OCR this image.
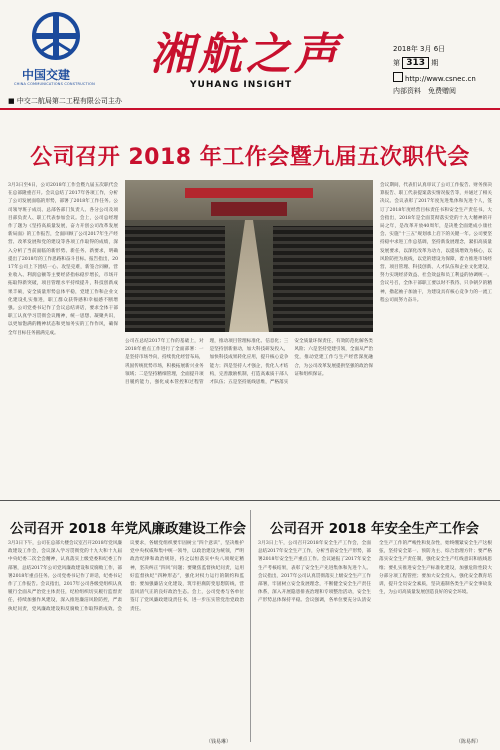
中国交建
CHINA COMMUNICATIONS CONSTRUCTION
湘航之声
YUHANG INSIGHT
■ 中交二航局第二工程有限公司主办
2018年 3月 6日
第 313 期
http://www.csnec.cn
内部资料　免费赠阅
公司召开 2018 年工作会暨九届五次职代会
3月3日至4日，公司2018年工作会暨九届五次职代会在总部隆重召开。会议总结了2017年各项工作，分析了公司发展面临的形势，部署了2018年工作任务。公司领导班子成员、总部各部门负责人、各分公司及项目部负责人、职工代表参加会议。会上，公司总经理作了题为《坚持高质量发展，奋力开创公司改革发展新局面》的工作报告，全面回顾了公司2017年生产经营、改革发展和党的建设等各项工作取得的成绩，深入分析了当前面临的新形势、新任务、新要求，明确提出了2018年的工作思路和奋斗目标。报告指出，2017年公司上下团结一心、攻坚克难，新签合同额、营业收入、利润总额等主要经济指标稳步增长，市场开拓取得新突破，项目管理水平持续提升，科技创新成果丰硕，安全质量形势总体平稳，党建工作和企业文化建设扎实推进，职工群众获得感和幸福感不断增强。公司党委书记作了会议总结讲话，要求全体干部职工认真学习贯彻会议精神，统一思想、凝聚共识，以更加饱满的精神状态和更加务实的工作作风，确保全年目标任务圆满完成。
会议期间，代表们认真审议了公司工作报告、财务预决算报告、职工代表提案落实情况报告等，并通过了相关决议。会议表彰了2017年度先进集体和先进个人，签订了2018年度经营目标责任书和安全生产责任书。大会指出，2018年是全面贯彻落实党的十九大精神的开局之年，是改革开放40周年，是决胜全面建成小康社会、实施“十三五”规划承上启下的关键一年。公司要坚持稳中求进工作总基调，坚持新发展理念，紧扣高质量发展要求，以深化改革为动力，以提质增效为核心，以风险防控为底线，以党的建设为保障，着力推进市场经营、项目管理、科技创新、人才队伍和企业文化建设，努力实现经济效益、社会效益和员工利益的协调统一。会议号召，全体干部职工要以时不我待、只争朝夕的精神，撸起袖子加油干，为建设具有核心竞争力的一流工程公司而努力奋斗。
公司在总结2017年工作的基础上，对2018年重点工作进行了全面部署：一是坚持市场导向，持续优化经营布局，巩固传统优势市场，积极拓展新兴业务领域；二是坚持精细管理，全面提升项目履约能力，强化成本管控和过程管理，推动项目管理标准化、信息化；三是坚持创新驱动，加大科技研发投入，加快科技成果转化应用，提升核心竞争能力；四是坚持人才强企，优化人才结构，完善激励机制，打造高素质干部人才队伍；五是坚持底线思维，严格落实安全质量环保责任，有效防范化解各类风险；六是坚持党建引领，全面从严治党，推动党建工作与生产经营深度融合，为公司改革发展提供坚强的政治保证和组织保证。
公司召开 2018 年党风廉政建设工作会
3月3日下午，公司在总部大楼会议室召开2018年党风廉政建设工作会，会议深入学习贯彻党的十九大和十九届中央纪委二次全会精神，认真落实上级党委和纪委工作部署，总结2017年公司党风廉政建设和反腐败工作，部署2018年重点任务。公司党委书记作了讲话，纪委书记作了工作报告。会议指出，2017年公司各级党组织认真履行全面从严治党主体责任，纪检组织切实履行监督责任，持续加强作风建设，深入推进廉洁风险防控，严肃执纪问责，党风廉政建设和反腐败工作取得新成效。会议要求，各级党组织要牢固树立“四个意识”，坚决维护党中央权威和集中统一领导，以政治建设为统领，严明政治纪律和政治规矩，持之以恒落实中央八项规定精神，坚决纠正“四风”问题；要聚焦监督执纪问责，运用好监督执纪“四种形态”，强化对权力运行的制约和监督；要加强廉洁文化建设，筑牢拒腐防变思想防线，营造风清气正的良好政治生态。会上，公司党委与各单位签订了党风廉政建设责任书，进一步压实管党治党政治责任。
（钱易琳）
公司召开 2018 年安全生产工作会
3月3日上午，公司召开2018年安全生产工作会，全面总结2017年安全生产工作，分析当前安全生产形势，部署2018年安全生产重点工作。会议通报了2017年安全生产考核结果，表彰了安全生产先进集体和先进个人。会议指出，2017年公司认真贯彻落实上级安全生产工作部署，牢固树立安全发展理念，不断健全安全生产责任体系，深入开展隐患排查治理和专项整治活动，安全生产形势总体保持平稳。会议强调，各单位要充分认清安全生产工作的严峻性和复杂性，始终绷紧安全生产这根弦，坚持安全第一、预防为主、综合治理方针；要严格落实安全生产责任制，强化安全生产红线意识和底线思维；要扎实推进安全生产标准化建设，加强危险性较大分部分项工程管控；要加大安全投入，强化安全教育培训，提升全员安全素质，坚决遏制各类生产安全事故发生，为公司高质量发展创造良好的安全环境。
（陈易辉）
